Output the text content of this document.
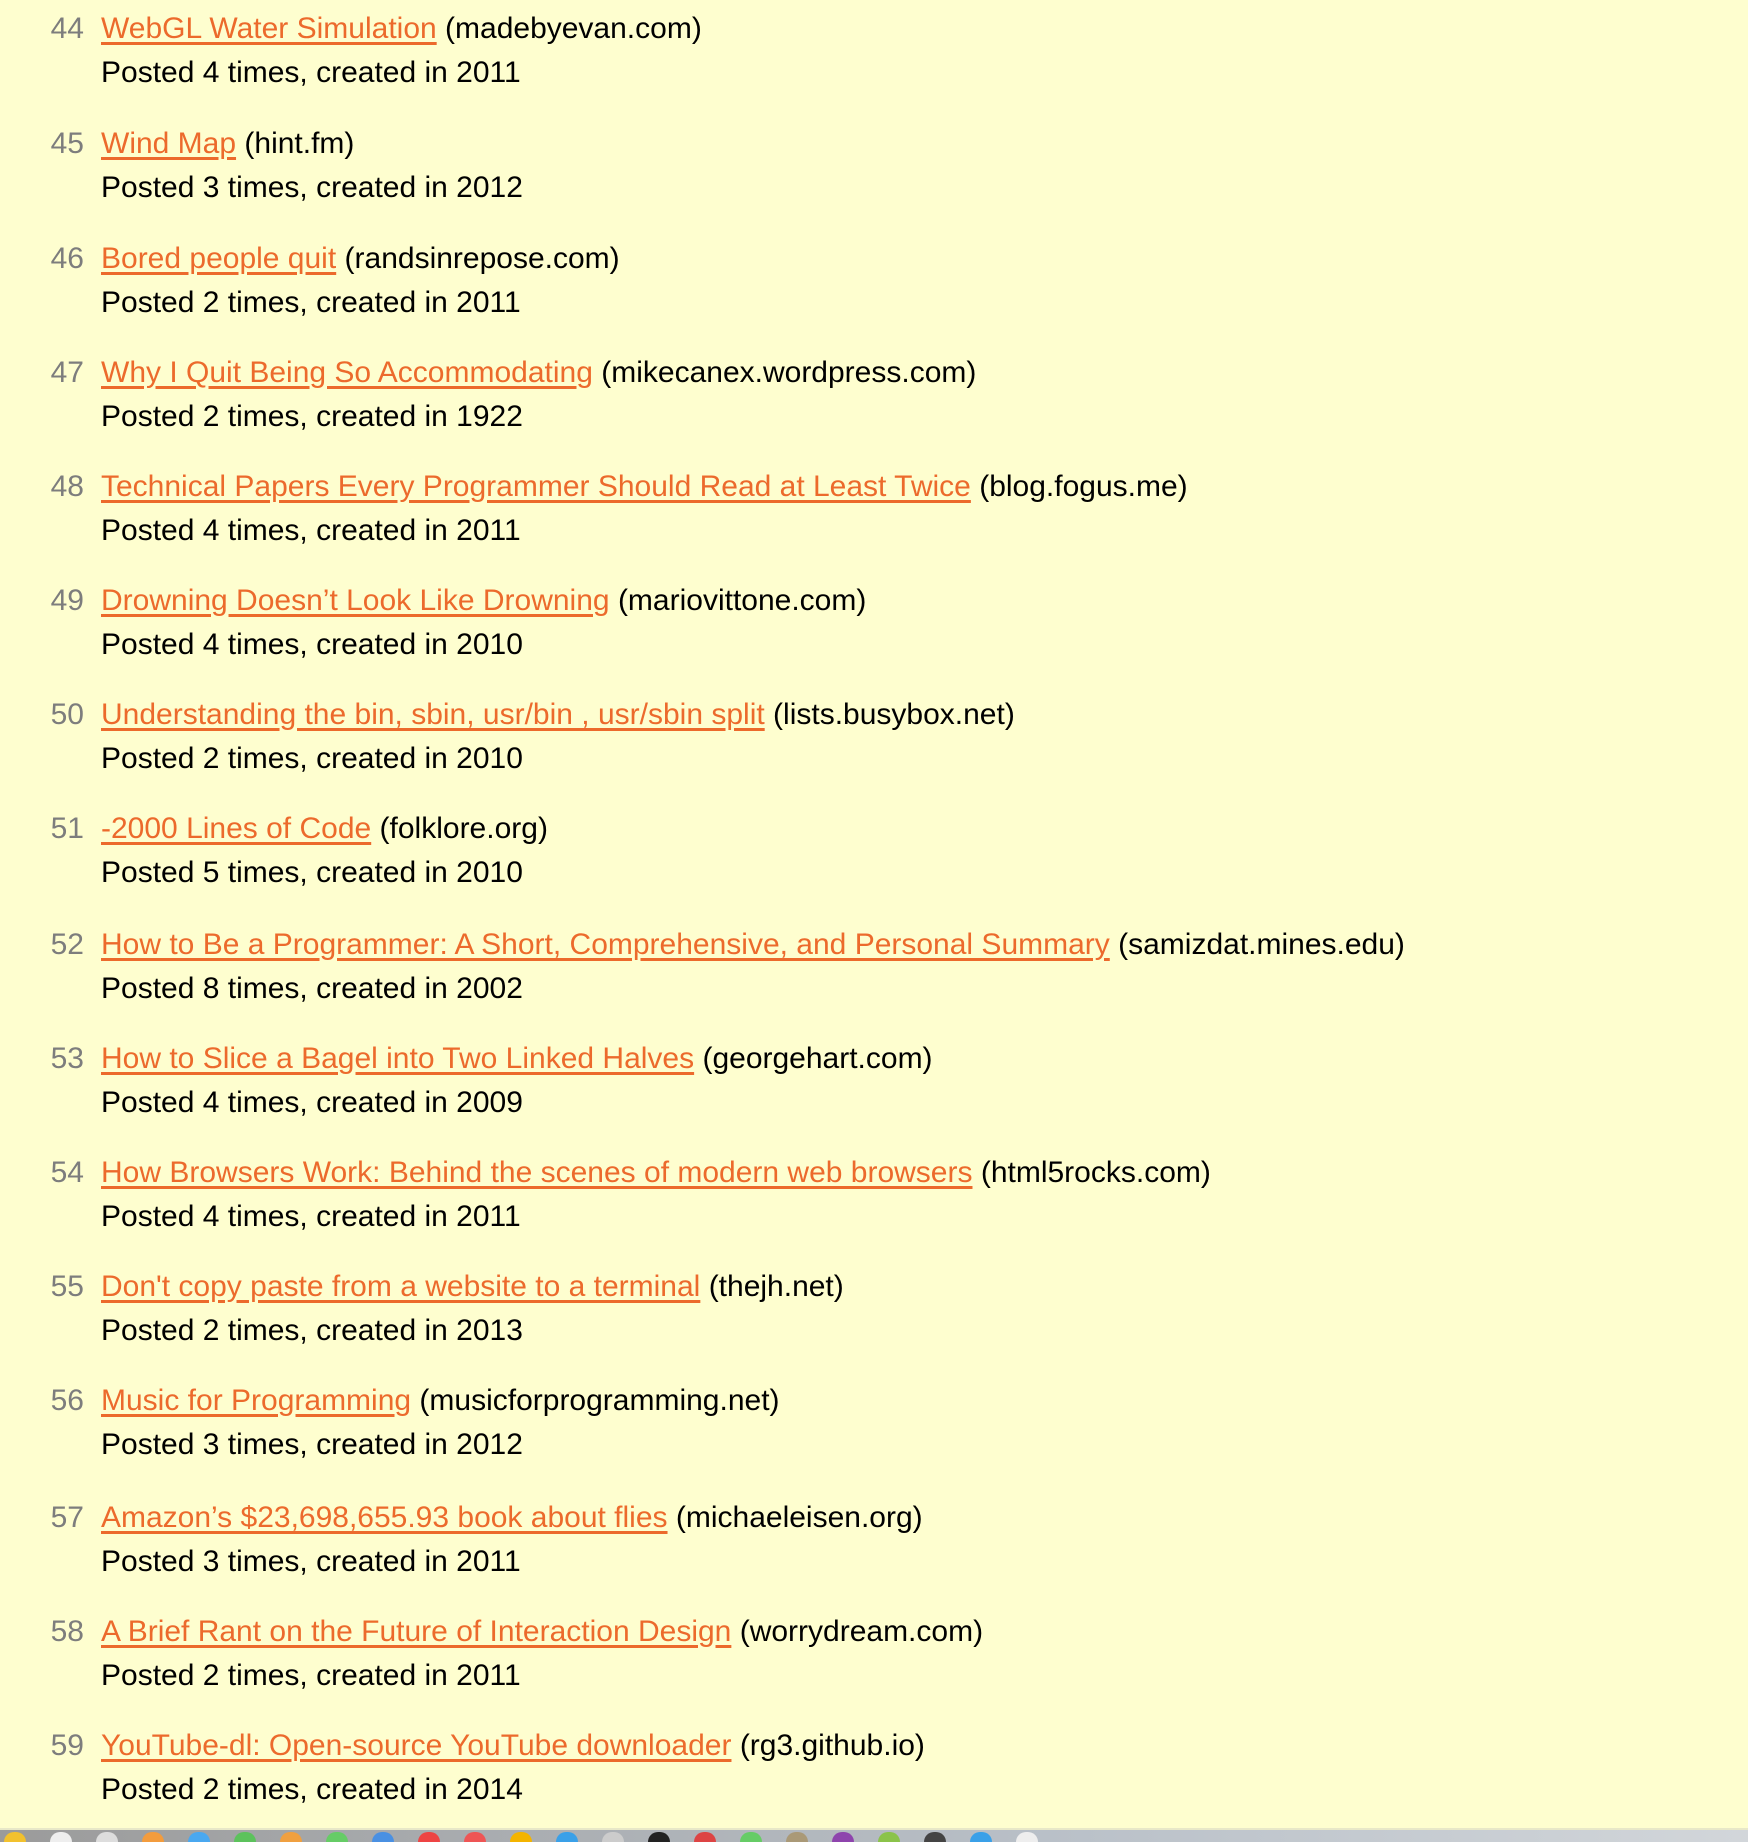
44 WebGL Water Simulation (madebyevan.com)
Posted 4 times, created in 2011
45 Wind Map (hint.fm)
Posted 3 times, created in 2012
46 Bored people quit (randsinrepose.com)
Posted 2 times, created in 2011
47 Why I Quit Being So Accommodating (mikecanex.wordpress.com)
Posted 2 times, created in 1922
48 Technical Papers Every Programmer Should Read at Least Twice (blog.fogus.me)
Posted 4 times, created in 2011
49 Drowning Doesn’t Look Like Drowning (mariovittone.com)
Posted 4 times, created in 2010
50 Understanding the bin, sbin, usr/bin , usr/sbin split (lists.busybox.net)
Posted 2 times, created in 2010
51 -2000 Lines of Code (folklore.org)
Posted 5 times, created in 2010
52 How to Be a Programmer: A Short, Comprehensive, and Personal Summary (samizdat.mines.edu)
Posted 8 times, created in 2002
53 How to Slice a Bagel into Two Linked Halves (georgehart.com)
Posted 4 times, created in 2009
54 How Browsers Work: Behind the scenes of modern web browsers (html5rocks.com)
Posted 4 times, created in 2011
55 Don't copy paste from a website to a terminal (thejh.net)
Posted 2 times, created in 2013
56 Music for Programming (musicforprogramming.net)
Posted 3 times, created in 2012
57 Amazon’s $23,698,655.93 book about flies (michaeleisen.org)
Posted 3 times, created in 2011
58 A Brief Rant on the Future of Interaction Design (worrydream.com)
Posted 2 times, created in 2011
59 YouTube-dl: Open-source YouTube downloader (rg3.github.io)
Posted 2 times, created in 2014
